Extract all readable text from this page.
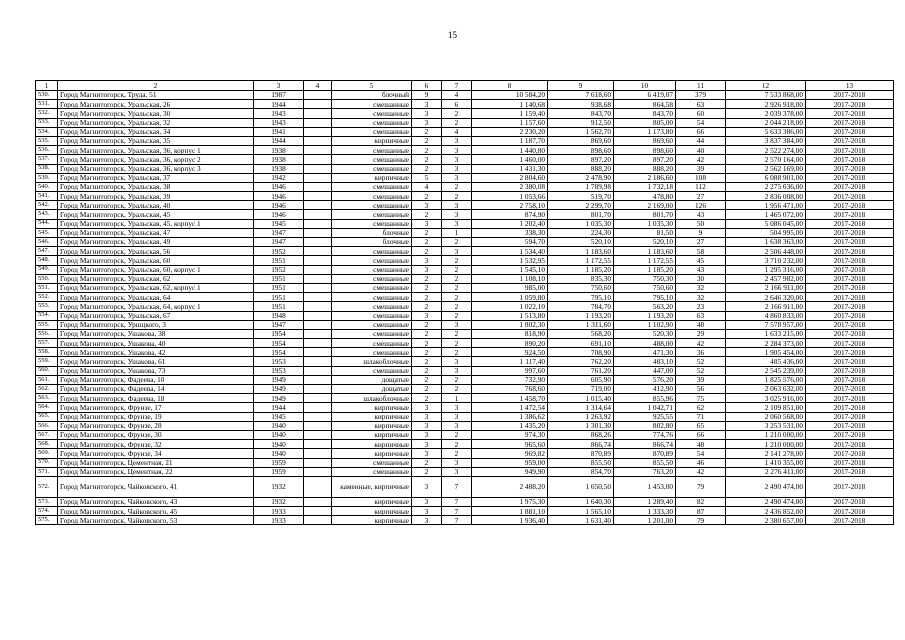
15
1	2	3	4	5	6	7	8	9	10	11	12	13
530.	Город Магнитогорск, Труда, 51	1987		блочный	9	4	10 584,20	7 618,60	6 419,07	379	7 533 868,00	2017-2018
531.	Город Магнитогорск, Уральская, 26	1944		смешанные	3	6	1 140,68	938,68	864,58	63	2 926 918,00	2017-2018
532.	Город Магнитогорск, Уральская, 30	1943		смешанные	3	2	1 159,40	843,70	843,70	60	2 039 378,00	2017-2018
533.	Город Магнитогорск, Уральская, 32	1943		смешанные	3	2	1 157,60	912,50	805,00	54	2 044 218,00	2017-2018
534.	Город Магнитогорск, Уральская, 34	1941		смешанные	2	4	2 230,20	1 562,70	1 173,80	66	5 633 386,00	2017-2018
535.	Город Магнитогорск, Уральская, 35	1944		кирпичные	2	3	1 187,70	869,60	869,60	44	3 837 384,00	2017-2018
536.	Город Магнитогорск, Уральская, 36, корпус 1	1938		смешанные	2	3	1 440,80	898,60	898,60	40	2 522 274,00	2017-2018
537.	Город Магнитогорск, Уральская, 36, корпус 2	1938		смешанные	2	3	1 460,00	897,20	897,20	42	2 570 164,00	2017-2018
538.	Город Магнитогорск, Уральская, 36, корпус 3	1938		смешанные	2	3	1 431,30	888,20	888,20	39	2 562 169,00	2017-2018
539.	Город Магнитогорск, Уральская, 37	1942		кирпичные	5	3	2 804,60	2 478,90	2 186,60	108	6 088 901,00	2017-2018
540.	Город Магнитогорск, Уральская, 38	1946		смешанные	4	2	2 380,08	1 789,98	1 732,18	112	2 275 636,00	2017-2018
541.	Город Магнитогорск, Уральская, 39	1946		смешанные	2	2	1 053,66	519,70	478,80	27	2 836 008,00	2017-2018
542.	Город Магнитогорск, Уральская, 40	1946		смешанные	3	3	2 758,10	2 299,70	2 169,00	126	1 956 471,00	2017-2018
543.	Город Магнитогорск, Уральская, 45	1946		смешанные	2	3	874,90	801,70	801,70	43	1 465 072,00	2017-2018
544.	Город Магнитогорск, Уральская, 45, корпус 1	1945		смешанные	3	3	1 202,40	1 035,30	1 035,30	50	5 086 045,00	2017-2018
545.	Город Магнитогорск, Уральская, 47	1947		блочные	2	1	338,30	224,30	81,50	9	504 995,00	2017-2018
546.	Город Магнитогорск, Уральская, 49	1947		блочные	2	2	594,70	520,10	520,10	27	1 638 363,00	2017-2018
547.	Город Магнитогорск, Уральская, 56	1952		смешанные	2	3	1 534,40	1 183,60	1 183,60	58	2 506 448,00	2017-2018
548.	Город Магнитогорск, Уральская, 60	1951		смешанные	3	2	1 532,95	1 172,55	1 172,55	45	3 710 232,00	2017-2018
549.	Город Магнитогорск, Уральская, 60, корпус 1	1952		смешанные	3	2	1 545,10	1 185,20	1 185,20	43	1 295 316,00	2017-2018
550.	Город Магнитогорск, Уральская, 62	1951		смешанные	2	2	1 108,10	835,30	750,30	30	2 457 982,00	2017-2018
551.	Город Магнитогорск, Уральская, 62, корпус 1	1951		смешанные	2	2	985,00	750,60	750,60	32	2 166 911,00	2017-2018
552.	Город Магнитогорск, Уральская, 64	1951		смешанные	2	2	1 059,80	795,10	795,10	32	2 646 320,00	2017-2018
553.	Город Магнитогорск, Уральская, 64, корпус 1	1951		смешанные	2	2	1 022,10	784,70	563,20	23	2 166 911,00	2017-2018
554.	Город Магнитогорск, Уральская, 67	1948		смешанные	3	2	1 513,80	1 193,20	1 193,20	63	4 860 833,00	2017-2018
555.	Город Магнитогорск, Уршцкого, 3	1947		смешанные	2	3	1 802,30	1 311,60	1 102,90	48	7 578 957,00	2017-2018
556.	Город Магнитогорск, Ушакова, 38	1954		смешанные	2	2	818,90	568,20	520,30	29	1 633 215,00	2017-2018
557.	Город Магнитогорск, Ушакова, 40	1954		смешанные	2	2	890,20	691,10	488,00	42	2 284 373,00	2017-2018
558.	Город Магнитогорск, Ушакова, 42	1954		смешанные	2	2	924,50	708,90	471,30	36	1 905 454,00	2017-2018
559.	Город Магнитогорск, Ушакова, 61	1953		шлакоблочные	2	3	1 117,40	762,20	483,10	52	485 436,00	2017-2018
560.	Город Магнитогорск, Ушакова, 73	1953		смешанные	2	3	997,60	761,20	447,00	52	2 545 239,00	2017-2018
561.	Город Магнитогорск, Фадеева, 10	1949		дощатые	2	2	732,90	605,90	576,20	39	1 825 576,00	2017-2018
562.	Город Магнитогорск, Фадеева, 14	1949		дощатые	2	2	768,60	719,00	412,90	56	2 063 632,00	2017-2018
563.	Город Магнитогорск, Фадеева, 18	1949		шлакоблочные	2	1	1 458,70	1 015,40	855,96	75	3 025 916,00	2017-2018
564.	Город Магнитогорск, Фрунзе, 17	1944		кирпичные	3	3	1 472,54	1 314,64	1 042,71	62	2 109 851,00	2017-2018
565.	Город Магнитогорск, Фрунзе, 19	1945		кирпичные	3	3	1 386,62	1 263,92	925,55	71	2 060 568,00	2017-2018
566.	Город Магнитогорск, Фрунзе, 28	1940		кирпичные	3	3	1 435,20	1 301,30	802,80	65	3 253 531,00	2017-2018
567.	Город Магнитогорск, Фрунзе, 30	1940		кирпичные	3	2	974,30	868,26	774,76	66	1 210 000,00	2017-2018
568.	Город Магнитогорск, Фрунзе, 32	1940		кирпичные	3	2	965,60	866,74	866,74	48	1 210 000,00	2017-2018
569.	Город Магнитогорск, Фрунзе, 34	1940		кирпичные	3	2	969,82	870,89	870,89	54	2 141 278,00	2017-2018
570.	Город Магнитогорск, Цементная, 21	1959		смешанные	2	3	959,00	855,50	855,50	46	1 410 355,00	2017-2018
571.	Город Магнитогорск, Цементная, 22	1959		смешанные	2	3	949,90	854,70	763,20	42	2 276 411,00	2017-2018
572.	Город Магнитогорск, Чайковского, 41	1932		каменные, кирпичные	3	7	2 488,20	1 650,50	1 453,00	79	2 490 474,00	2017-2018
573.	Город Магнитогорск, Чайковского, 43	1932		кирпичные	3	7	1 975,30	1 640,30	1 289,40	82	2 490 474,00	2017-2018
574.	Город Магнитогорск, Чайковского, 45	1933		кирпичные	3	7	1 881,10	1 565,10	1 333,30	87	2 436 852,00	2017-2018
575.	Город Магнитогорск, Чайковского, 53	1933		кирпичные	3	7	1 936,40	1 631,40	1 201,00	79	2 380 657,00	2017-2018
